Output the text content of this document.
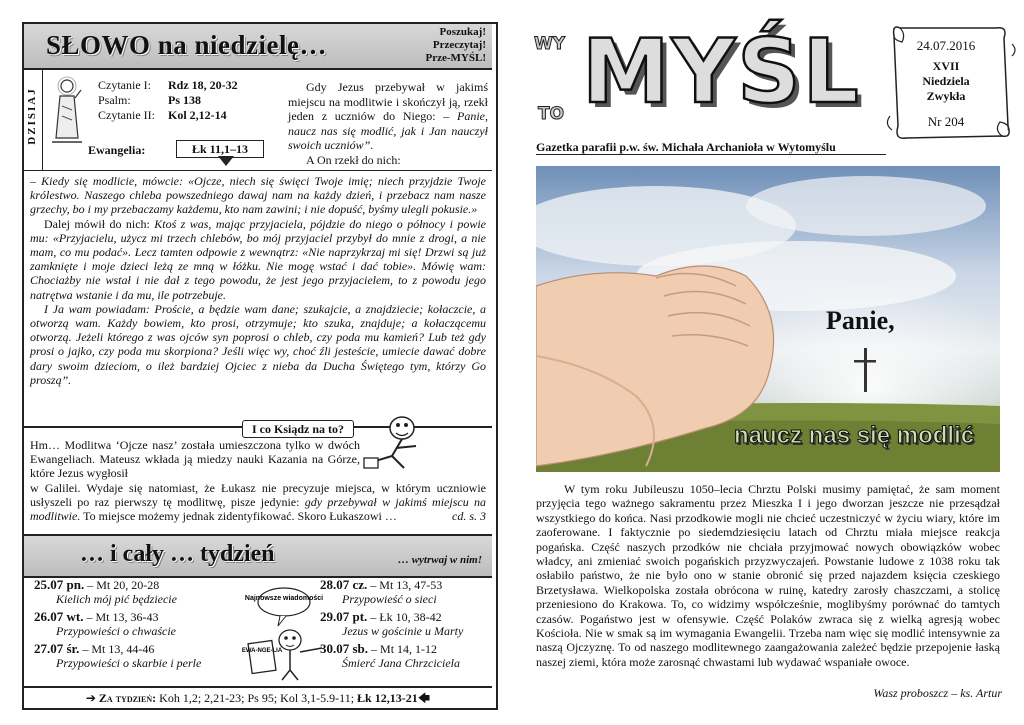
SŁOWO na niedzielę…	Poszukaj!
Przeczytaj!
Prze-MYŚL!
DZISIAJ
Czytanie I: Rdz 18, 20-32
Psalm:	Ps 138
Czytanie II: Kol 2,12-14
Ewangelia:	Łk 11,1–13
Gdy Jezus przebywał w jakimś miejscu na modlitwie i skończył ją, rzekł jeden z uczniów do Niego: – Panie, naucz nas się modlić, jak i Jan nauczył swoich uczniów”.
A On rzekł do nich:

– Kiedy się modlicie, mówcie: «Ojcze, niech się święci Twoje imię; niech przyjdzie Twoje królestwo. Naszego chleba powszedniego dawaj nam na każdy dzień, i przebacz nam nasze grzechy, bo i my przebaczamy każdemu, kto nam zawini; i nie dopuść, byśmy ulegli pokusie.»

Dalej mówił do nich: Ktoś z was, mając przyjaciela, pójdzie do niego o północy i powie mu: «Przyjacielu, użycz mi trzech chlebów, bo mój przyjaciel przybył do mnie z drogi, a nie mam, co mu podać». Lecz tamten odpowie z wewnątrz: «Nie naprzykrzaj mi się! Drzwi są już zamknięte i moje dzieci leżą ze mną w łóżku. Nie mogę wstać i dać tobie». Mówię wam: Chociażby nie wstał i nie dał z tego powodu, że jest jego przyjacielem, to z powodu jego natrętwa wstanie i da mu, ile potrzebuje.

I Ja wam powiadam: Proście, a będzie wam dane; szukajcie, a znajdziecie; kołaczcie, a otworzą wam. Każdy bowiem, kto prosi, otrzymuje; kto szuka, znajduje; a kołaczącemu otworzą. Jeżeli którego z was ojców syn poprosi o chleb, czy poda mu kamień? Lub też gdy prosi o jajko, czy poda mu skorpiona? Jeśli więc wy, choć źli jesteście, umiecie dawać dobre dary swoim dzieciom, o ileż bardziej Ojciec z nieba da Ducha Świętego tym, którzy Go proszą”.

I co Ksiądz na to?
Hm… Modlitwa ‘Ojcze nasz’ została umieszczona tylko w dwóch Ewangeliach. Mateusz wkłada ją miedzy nauki Kazania na Górze, które Jezus wygłosił
w Galilei. Wydaje się natomiast, że Łukasz nie precyzuje miejsca, w którym uczniowie usłyszeli po raz pierwszy tę modlitwę, pisze jedynie: gdy przebywał w jakimś miejscu na modlitwie. To miejsce możemy jednak zidentyfikować. Skoro Łukaszowi …	cd. s. 3
… i cały … tydzień	… wytrwaj w nim!
25.07 pn. – Mt 20, 20-28
Kielich mój pić będziecie
28.07 cz. – Mt 13, 47-53
Przypowieść o sieci
26.07 wt. – Mt 13, 36-43
Przypowieści o chwaście
29.07 pt. – Łk 10, 38-42
Jezus w gościnie u Marty
27.07 śr. – Mt 13, 44-46
Przypowieści o skarbie i perle
30.07 sb. – Mt 14, 1-12
Śmierć Jana Chrzciciela
Najnowsze wiadomości
EWA-NGE-LIA
➔ Za tydzień: Koh 1,2; 2,21-23; Ps 95; Kol 3,1-5.9-11; Łk 12,13-21🡄
WY MYŚL
TO
Gazetka parafii p.w. św. Michała Archanioła w Wytomyślu
24.07.2016
XVII
Niedziela
Zwykła
Nr 204
Panie,
naucz nas się modlić

W tym roku Jubileuszu 1050–lecia Chrztu Polski musimy pamiętać, że sam moment przyjęcia tego ważnego sakramentu przez Mieszka I i jego dworzan jeszcze nie przesądzał wszystkiego do końca. Nasi przodkowie mogli nie chcieć uczestniczyć w życiu wiary, które im zaoferowane. I faktycznie po siedemdziesięciu latach od Chrztu miała miejsce reakcja pogańska. Część naszych przodków nie chciała przyjmować nowych obowiązków wobec władcy, ani zmieniać swoich pogańskich przyzwyczajeń. Powstanie ludowe z 1038 roku tak osłabiło państwo, że nie było ono w stanie obronić się przed najazdem księcia czeskiego Brzetysława. Wielkopolska została obrócona w ruinę, katedry zarosły chaszczami, a stolicę przeniesiono do Krakowa. To, co widzimy współcześnie, moglibyśmy porównać do tamtych czasów. Pogaństwo jest w ofensywie. Część Polaków zwraca się z wielką agresją wobec Kościoła. Nie w smak są im wymagania Ewangelii. Trzeba nam więc się modlić intensywnie za naszą Ojczyznę. To od naszego modlitewnego zaangażowania zależeć będzie przepojenie łaską naszej ziemi, która może zarosnąć chwastami lub wydawać wspaniałe owoce.

Wasz proboszcz – ks. Artur
